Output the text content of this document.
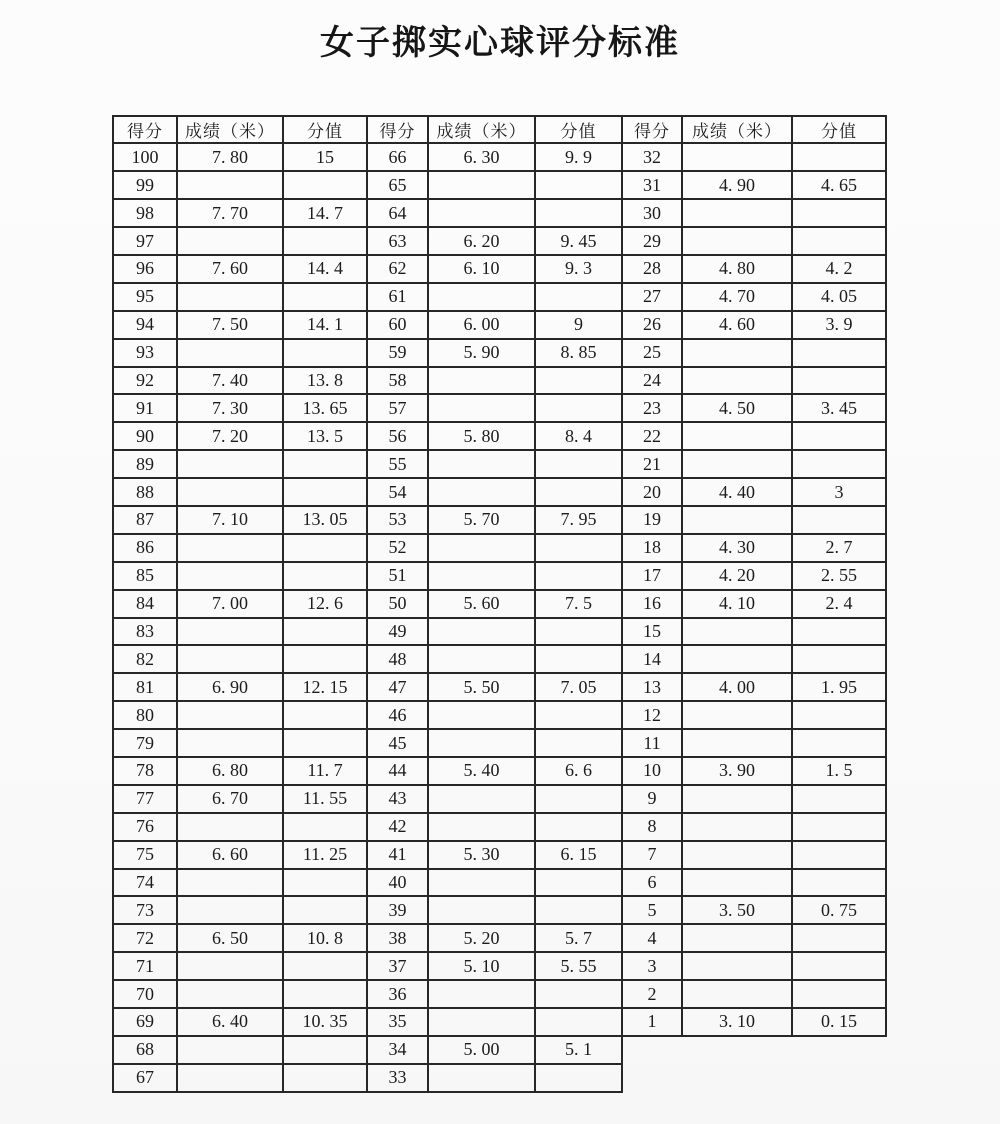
女子掷实心球评分标准
得分	成绩（米）	分值	得分	成绩（米）	分值	得分	成绩（米）	分值
100	7. 80	15	66	6. 30	9. 9	32		
99			65			31	4. 90	4. 65
98	7. 70	14. 7	64			30		
97			63	6. 20	9. 45	29		
96	7. 60	14. 4	62	6. 10	9. 3	28	4. 80	4. 2
95			61			27	4. 70	4. 05
94	7. 50	14. 1	60	6. 00	9	26	4. 60	3. 9
93			59	5. 90	8. 85	25		
92	7. 40	13. 8	58			24		
91	7. 30	13. 65	57			23	4. 50	3. 45
90	7. 20	13. 5	56	5. 80	8. 4	22		
89			55			21		
88			54			20	4. 40	3
87	7. 10	13. 05	53	5. 70	7. 95	19		
86			52			18	4. 30	2. 7
85			51			17	4. 20	2. 55
84	7. 00	12. 6	50	5. 60	7. 5	16	4. 10	2. 4
83			49			15		
82			48			14		
81	6. 90	12. 15	47	5. 50	7. 05	13	4. 00	1. 95
80			46			12		
79			45			11		
78	6. 80	11. 7	44	5. 40	6. 6	10	3. 90	1. 5
77	6. 70	11. 55	43			9		
76			42			8		
75	6. 60	11. 25	41	5. 30	6. 15	7		
74			40			6		
73			39			5	3. 50	0. 75
72	6. 50	10. 8	38	5. 20	5. 7	4		
71			37	5. 10	5. 55	3		
70			36			2		
69	6. 40	10. 35	35			1	3. 10	0. 15
68			34	5. 00	5. 1			
67			33					
